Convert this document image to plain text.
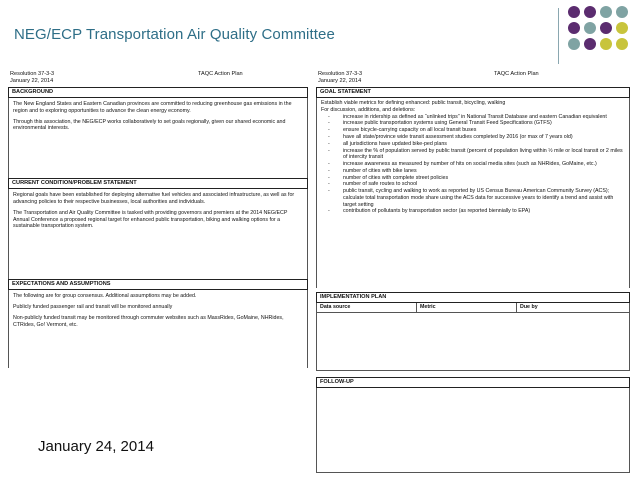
NEG/ECP Transportation Air Quality Committee
Resolution 37-3-3	TAQC Action Plan
January 22, 2014
BACKGROUND

The New England States and Eastern Canadian provinces are committed to reducing greenhouse gas emissions in the region and to exploring opportunities to advance the clean energy economy.

Through this association, the NEG/ECP works collaboratively to set goals regionally, given our shared economic and environmental interests.

CURRENT CONDITION/PROBLEM STATEMENT

Regional goals have been established for deploying alternative fuel vehicles and associated infrastructure, as well as for advancing policies to their respective businesses, local authorities and individuals.

The Transportation and Air Quality Committee is tasked with providing governors and premiers at the 2014 NEG/ECP Annual Conference a proposed regional target for enhanced public transportation, biking and walking options for a sustainable transportation system.

EXPECTATIONS AND ASSUMPTIONS

The following are for group consensus. Additional assumptions may be added.

Publicly funded passenger rail and transit will be monitored annually

Non-publicly funded transit may be monitored through commuter websites such as MassRides, GoMaine, NHRides, CTRides, Go! Vermont, etc.

Resolution 37-3-3	TAQC Action Plan
January 22, 2014
GOAL STATEMENT
Establish viable metrics for defining enhanced: public transit, bicycling, walking
For discussion, additions, and deletions:
- increase in ridership as defined as “unlinked trips” in National Transit Database and eastern Canadian equivalent
- increase public transportation systems using General Transit Feed Specifications (GTFS)
- ensure bicycle-carrying capacity on all local transit buses
- have all state/province wide transit assessment studies completed by 2016 (or max of 7 years old)
- all jurisdictions have updated bike-ped plans
- increase the % of population served by public transit (percent of population living within ½ mile or local transit or 2 miles of intercity transit
- increase awareness as measured by number of hits on social media sites (such as NHRides, GoMaine, etc.)
- number of cities with bike lanes
- number of cities with complete street policies
- number of safe routes to school
- public transit, cycling and walking to work as reported by US Census Bureau American Community Survey (ACS); calculate total transportation mode share using the ACS data for successive years to identify a trend and assist with target setting
- contribution of pollutants by transportation sector (as reported biennially to EPA)
IMPLEMENTATION PLAN
Data source	Metric	Due by
FOLLOW-UP
January 24, 2014
